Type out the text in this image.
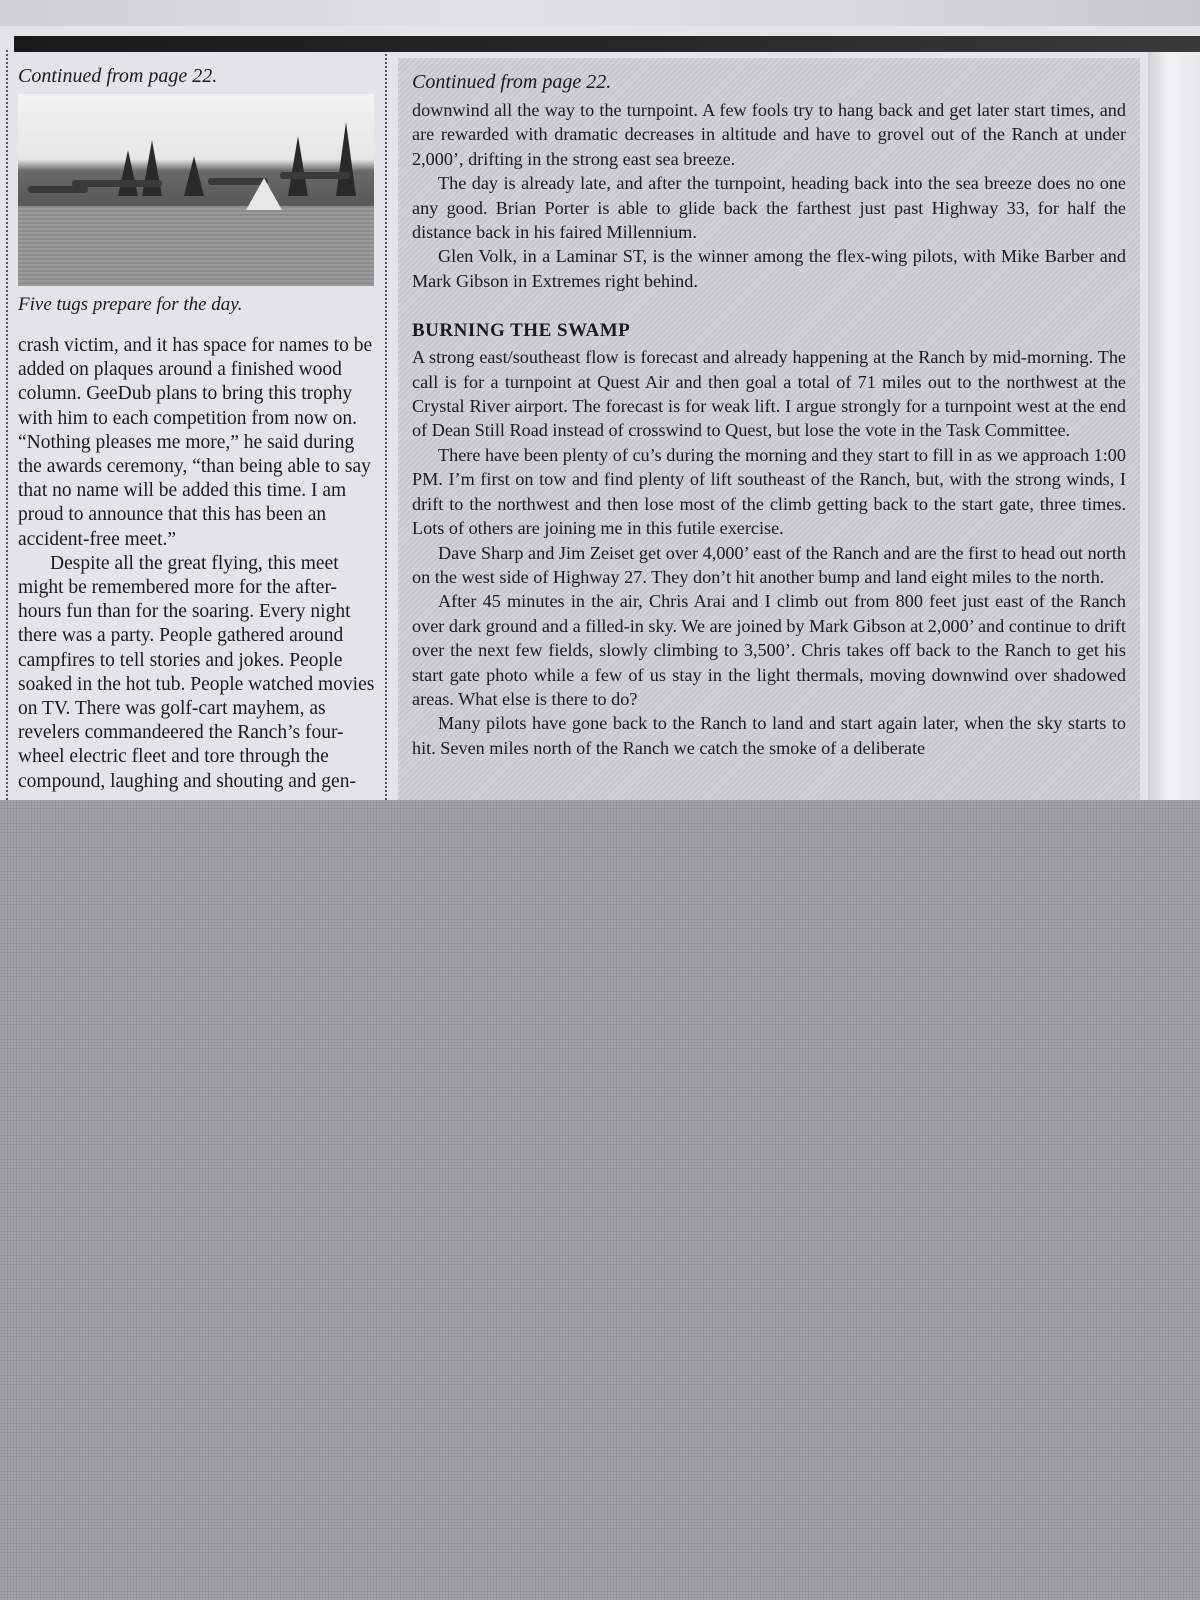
Continued from page 22.
Five tugs prepare for the day.

crash victim, and it has space for names to be added on plaques around a finished wood column. GeeDub plans to bring this trophy with him to each competition from now on. “Nothing pleases me more,” he said during the awards ceremony, “than being able to say that no name will be added this time. I am proud to announce that this has been an accident-free meet.”

Despite all the great flying, this meet might be remembered more for the after-hours fun than for the soaring. Every night there was a party. People gathered around campfires to tell stories and jokes. People soaked in the hot tub. People watched movies on TV. There was golf-cart mayhem, as revelers commandeered the Ranch’s four-wheel electric fleet and tore through the compound, laughing and shouting and gen-

Continued from page 22.

downwind all the way to the turnpoint. A few fools try to hang back and get later start times, and are rewarded with dramatic decreases in altitude and have to grovel out of the Ranch at under 2,000’, drifting in the strong east sea breeze.

The day is already late, and after the turnpoint, heading back into the sea breeze does no one any good. Brian Porter is able to glide back the farthest just past Highway 33, for half the distance back in his faired Millennium.

Glen Volk, in a Laminar ST, is the winner among the flex-wing pilots, with Mike Barber and Mark Gibson in Extremes right behind.

BURNING THE SWAMP

A strong east/southeast flow is forecast and already happening at the Ranch by mid-morning. The call is for a turnpoint at Quest Air and then goal a total of 71 miles out to the northwest at the Crystal River airport. The forecast is for weak lift. I argue strongly for a turnpoint west at the end of Dean Still Road instead of crosswind to Quest, but lose the vote in the Task Committee.

There have been plenty of cu’s during the morning and they start to fill in as we approach 1:00 PM. I’m first on tow and find plenty of lift southeast of the Ranch, but, with the strong winds, I drift to the northwest and then lose most of the climb getting back to the start gate, three times. Lots of others are joining me in this futile exercise.

Dave Sharp and Jim Zeiset get over 4,000’ east of the Ranch and are the first to head out north on the west side of Highway 27. They don’t hit another bump and land eight miles to the north.

After 45 minutes in the air, Chris Arai and I climb out from 800 feet just east of the Ranch over dark ground and a filled-in sky. We are joined by Mark Gibson at 2,000’ and continue to drift over the next few fields, slowly climbing to 3,500’. Chris takes off back to the Ranch to get his start gate photo while a few of us stay in the light thermals, moving downwind over shadowed areas. What else is there to do?

Many pilots have gone back to the Ranch to land and start again later, when the sky starts to hit. Seven miles north of the Ranch we catch the smoke of a deliberate
